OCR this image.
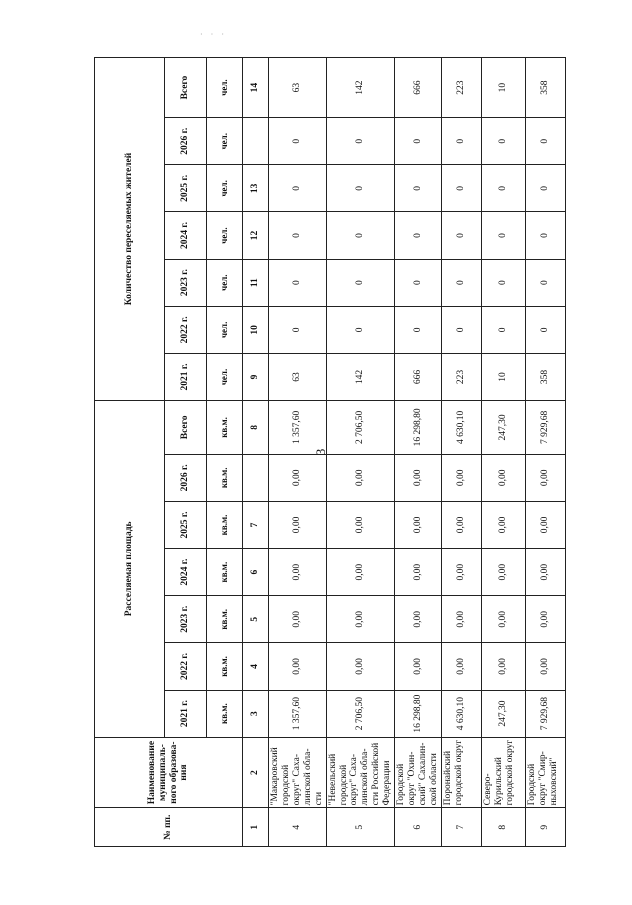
· · ·
3
№ пп.	Наименование муниципаль-ного образова-ния	Расселяемая площадь							Количество переселяемых жителей						
		2021 г.	2022 г.	2023 г.	2024 г.	2025 г.	2026 г.	Всего	2021 г.	2022 г.	2023 г.	2024 г.	2025 г.	2026 г.	Всего
		кв.м.	кв.м.	кв.м.	кв.м.	кв.м.	кв.м.	кв.м.	чел.	чел.	чел.	чел.	чел.	чел.	чел.
1	2	3	4	5	6	7		8	9	10	11	12	13		14
4	"Макаровский городской округ" Саха-линской обла-сти	1 357,60	0,00	0,00	0,00	0,00	0,00	1 357,60	63	0	0	0	0	0	63
5	"Невельский городской округ" Саха-линской обла-сти Российской Федерации	2 706,50	0,00	0,00	0,00	0,00	0,00	2 706,50	142	0	0	0	0	0	142
6	Городской округ "Охин-ский" Сахалин-ской области	16 298,80	0,00	0,00	0,00	0,00	0,00	16 298,80	666	0	0	0	0	0	666
7	Поронайский городской округ	4 630,10	0,00	0,00	0,00	0,00	0,00	4 630,10	223	0	0	0	0	0	223
8	Северо-Курильский городской округ	247,30	0,00	0,00	0,00	0,00	0,00	247,30	10	0	0	0	0	0	10
9	Городской округ "Смир-ныховский"	7 929,68	0,00	0,00	0,00	0,00	0,00	7 929,68	358	0	0	0	0	0	358
